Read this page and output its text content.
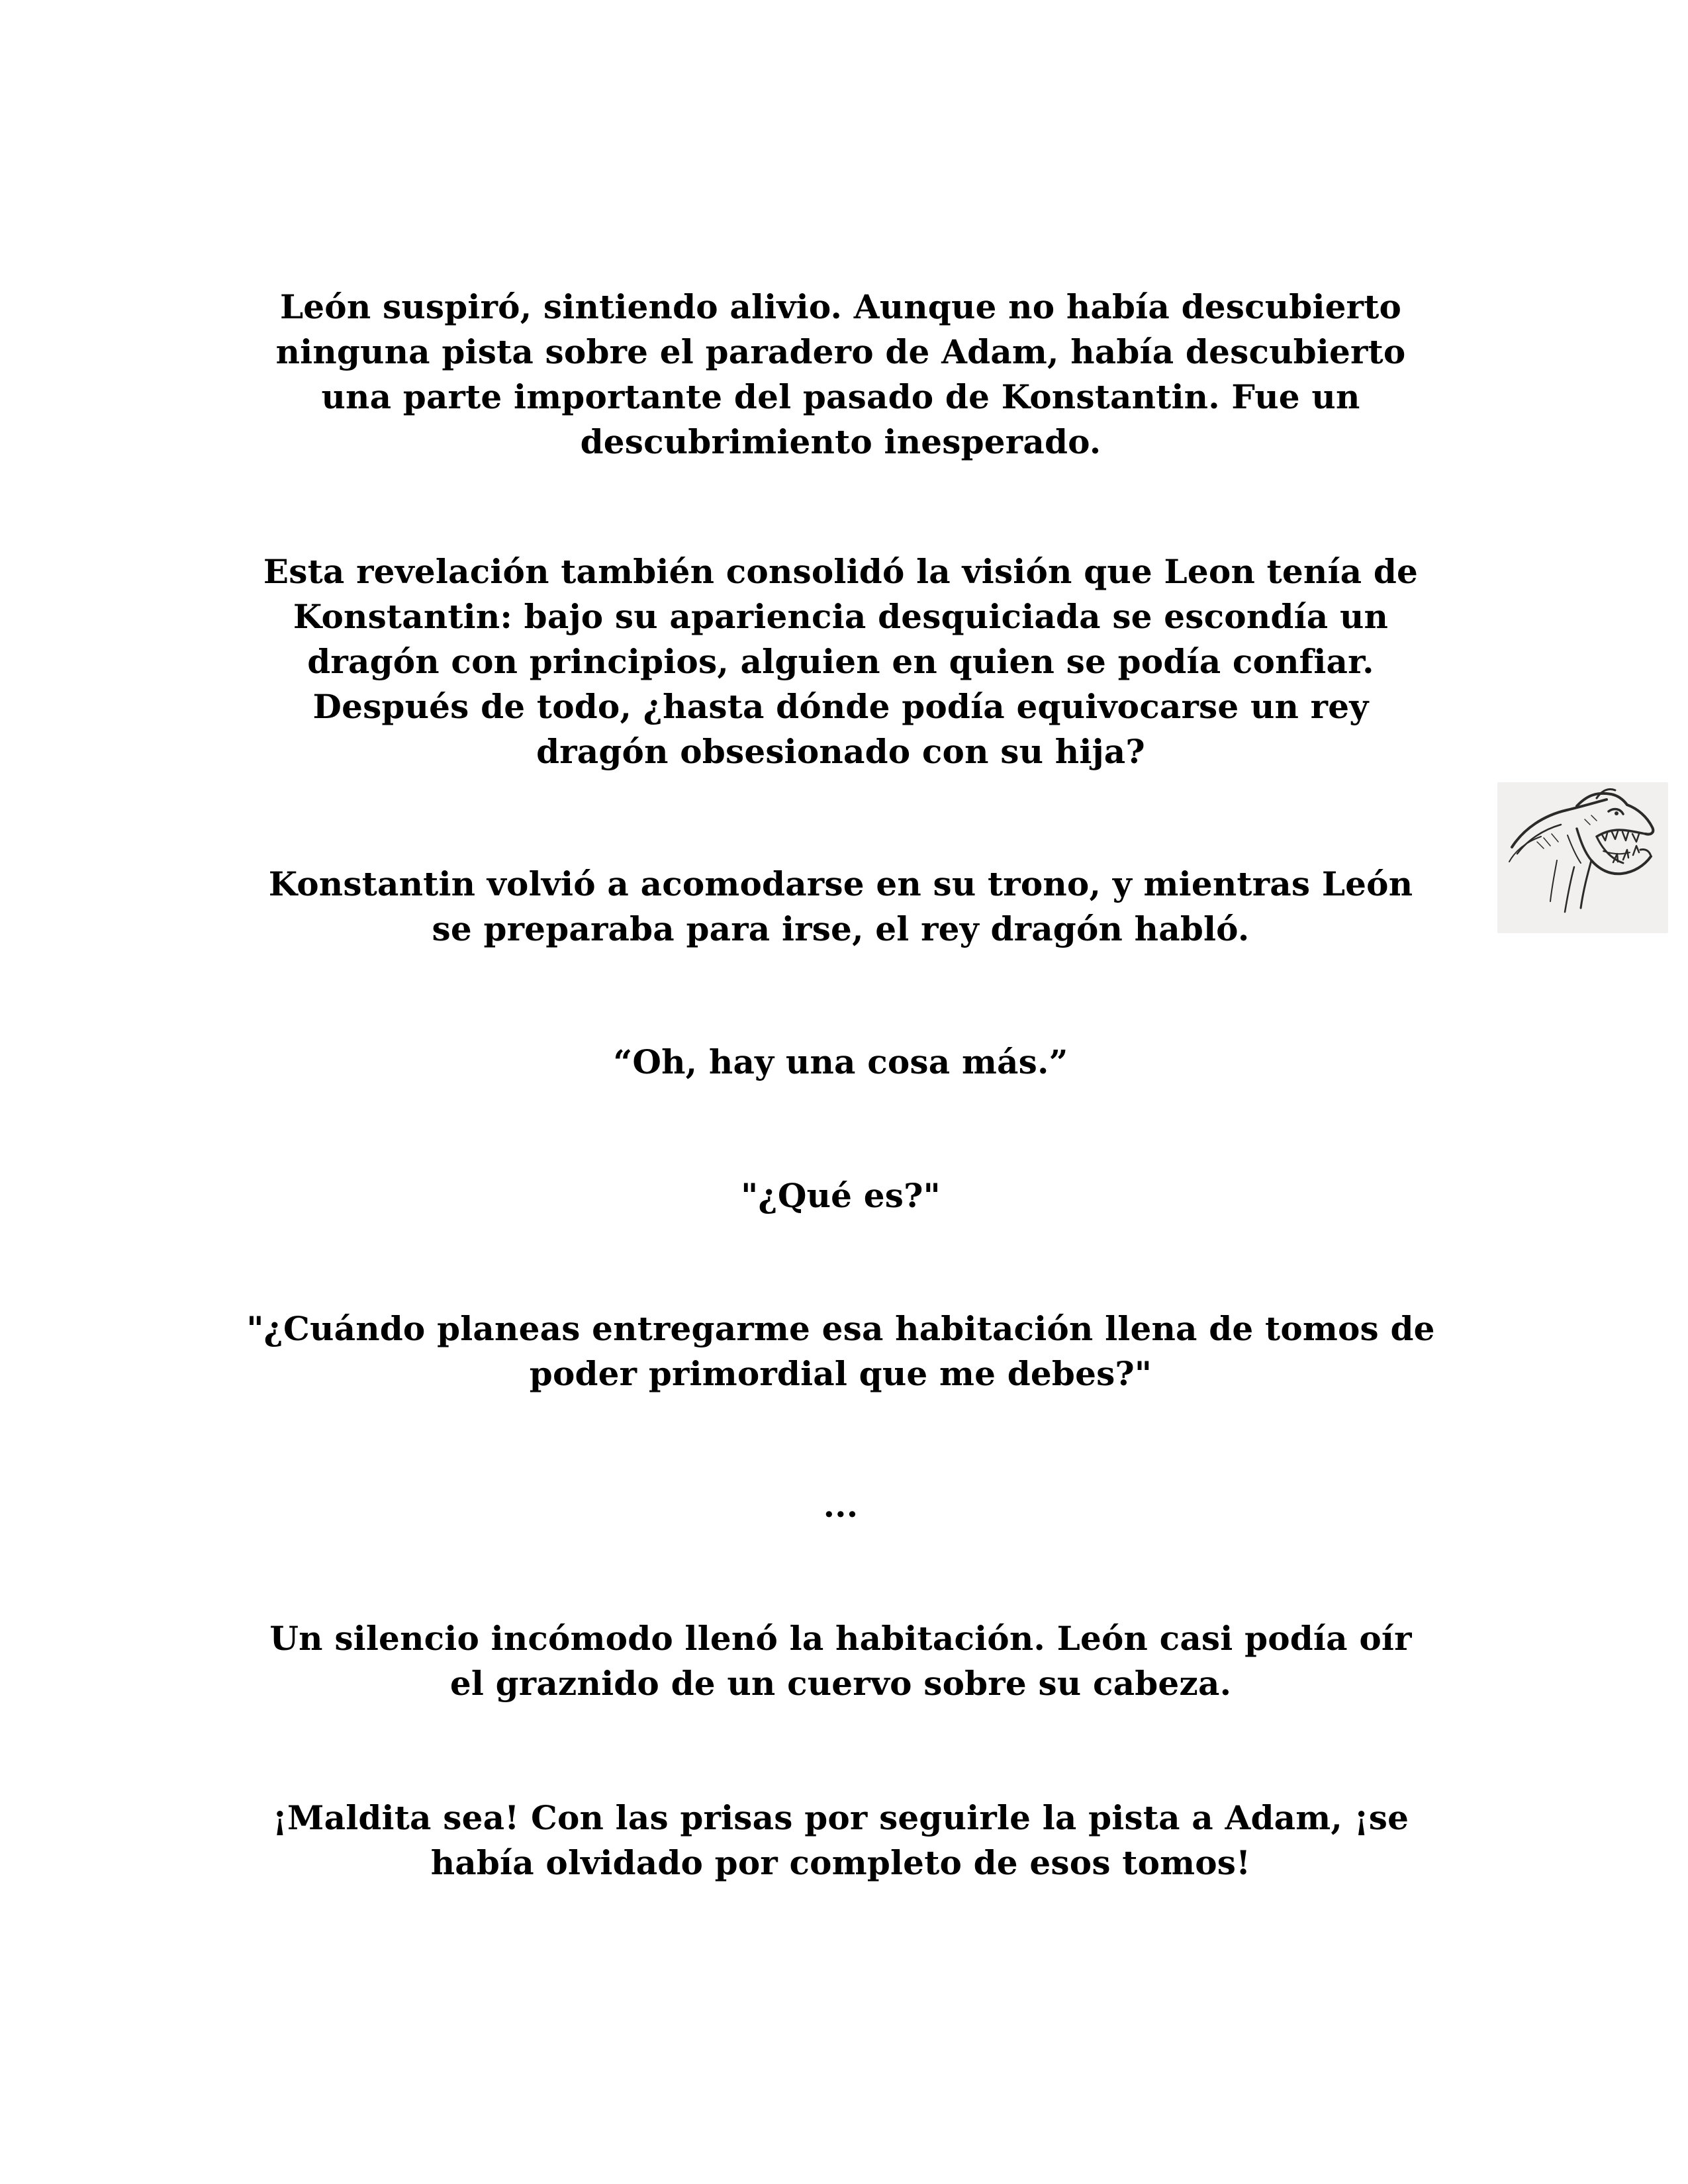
León suspiró, sintiendo alivio. Aunque no había descubierto
ninguna pista sobre el paradero de Adam, había descubierto
una parte importante del pasado de Konstantin. Fue un
descubrimiento inesperado.

Esta revelación también consolidó la visión que Leon tenía de
Konstantin: bajo su apariencia desquiciada se escondía un
dragón con principios, alguien en quien se podía confiar.
Después de todo, ¿hasta dónde podía equivocarse un rey
dragón obsesionado con su hija?

Konstantin volvió a acomodarse en su trono, y mientras León
se preparaba para irse, el rey dragón habló.

“Oh, hay una cosa más.”

"¿Qué es?"

"¿Cuándo planeas entregarme esa habitación llena de tomos de
poder primordial que me debes?"

...

Un silencio incómodo llenó la habitación. León casi podía oír
el graznido de un cuervo sobre su cabeza.

¡Maldita sea! Con las prisas por seguirle la pista a Adam, ¡se
había olvidado por completo de esos tomos!
